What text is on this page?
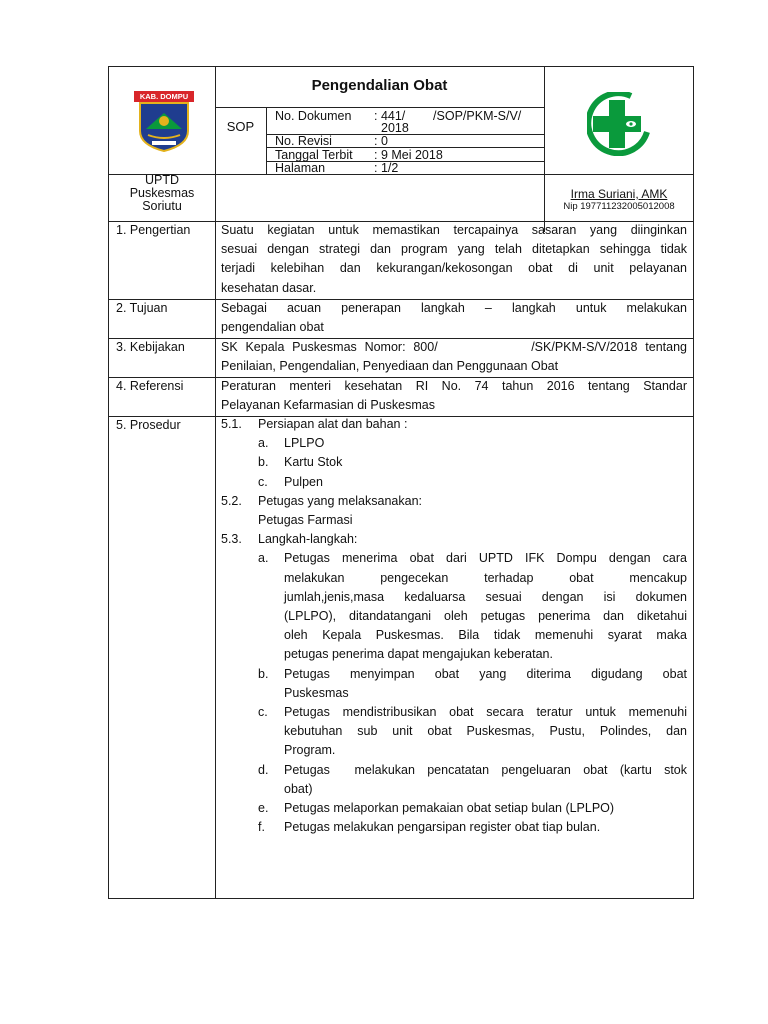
KAB. DOMPU
Pengendalian Obat
SOP
No. Dokumen : 441/        /SOP/PKM-S/V/
2018
No. Revisi	: 0
Tanggal Terbit : 9 Mei 2018
Halaman	: 1/2
UPTD
Puskesmas
Soriutu
Irma Suriani, AMK
Nip 197711232005012008
1. Pengertian Suatu kegiatan untuk memastikan tercapainya sasaran yang diinginkan
sesuai dengan strategi dan program yang telah ditetapkan sehingga tidak
terjadi kelebihan dan kekurangan/kekosongan obat di unit pelayanan
kesehatan dasar.
2. Tujuan	Sebagai acuan penerapan langkah – langkah untuk melakukan
pengendalian obat
3. Kebijakan	SK Kepala Puskesmas Nomor: 800/            /SK/PKM-S/V/2018 tentang
Penilaian, Pengendalian, Penyediaan dan Penggunaan Obat
4. Referensi	Peraturan menteri kesehatan RI No. 74 tahun 2016 tentang Standar
Pelayanan Kefarmasian di Puskesmas
5. Prosedur	5.1. Persiapan alat dan bahan :
a. LPLPO
b. Kartu Stok
c. Pulpen
5.2. Petugas yang melaksanakan:
Petugas Farmasi
5.3. Langkah-langkah:
a. Petugas menerima obat dari UPTD IFK Dompu dengan cara
melakukan pengecekan terhadap obat mencakup
jumlah,jenis,masa kedaluarsa sesuai dengan isi dokumen
(LPLPO), ditandatangani oleh petugas penerima dan diketahui
oleh Kepala Puskesmas. Bila tidak memenuhi syarat maka
petugas penerima dapat mengajukan keberatan.
b. Petugas menyimpan obat yang diterima digudang obat
Puskesmas
c. Petugas mendistribusikan obat secara teratur untuk memenuhi
kebutuhan sub unit obat Puskesmas, Pustu, Polindes, dan
Program.
d. Petugas  melakukan pencatatan pengeluaran obat (kartu stok
obat)
e. Petugas melaporkan pemakaian obat setiap bulan (LPLPO)
f. Petugas melakukan pengarsipan register obat tiap bulan.
